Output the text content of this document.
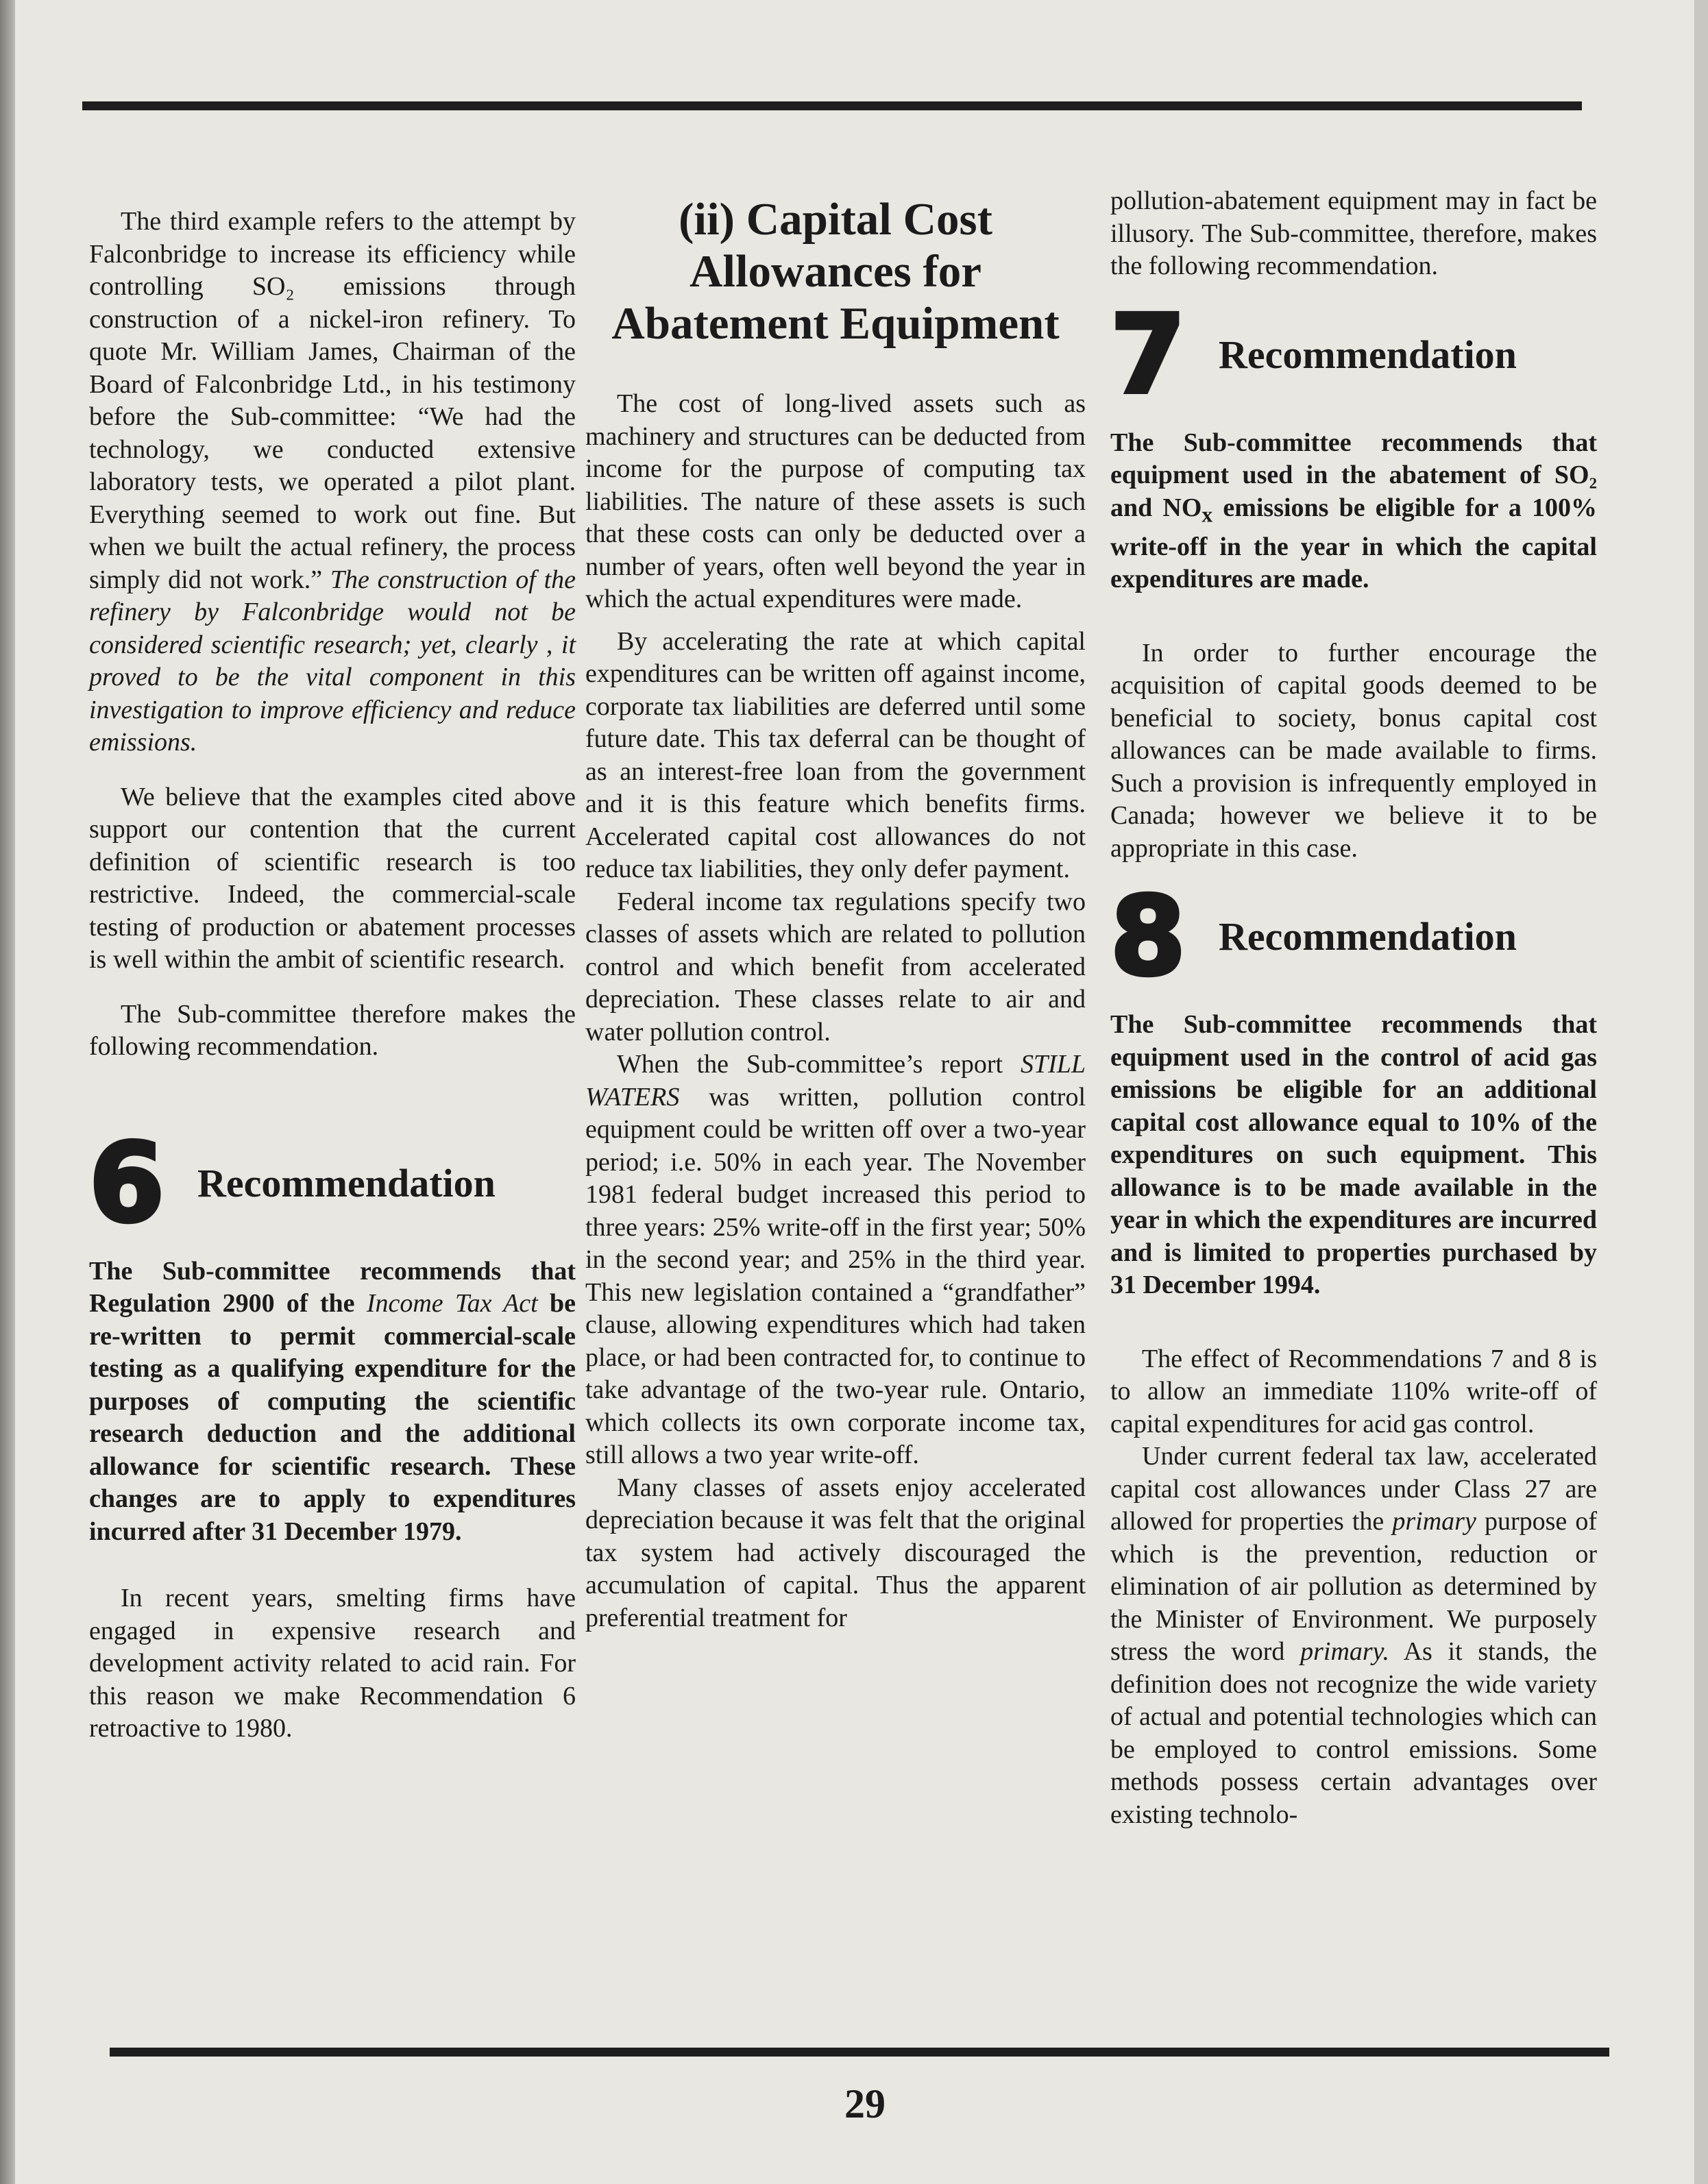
The third example refers to the attempt by Falconbridge to increase its efficiency while controlling SO₂ emissions through construction of a nickel-iron refinery. To quote Mr. William James, Chairman of the Board of Falconbridge Ltd., in his testimony before the Sub-committee: “We had the technology, we conducted extensive laboratory tests, we operated a pilot plant. Everything seemed to work out fine. But when we built the actual refinery, the process simply did not work.” The construction of the refinery by Falconbridge would not be considered scientific research; yet, clearly , it proved to be the vital component in this investigation to improve efficiency and reduce emissions.

We believe that the examples cited above support our contention that the current definition of scientific research is too restrictive. Indeed, the commercial-scale testing of production or abatement processes is well within the ambit of scientific research.

The Sub-committee therefore makes the following recommendation.

6 Recommendation

The Sub-committee recommends that Regulation 2900 of the Income Tax Act be re-written to permit commercial-scale testing as a qualifying expenditure for the purposes of computing the scientific research deduction and the additional allowance for scientific research. These changes are to apply to expenditures incurred after 31 December 1979.

In recent years, smelting firms have engaged in expensive research and development activity related to acid rain. For this reason we make Recommendation 6 retroactive to 1980.

(ii) Capital Cost
Allowances for
Abatement Equipment

The cost of long-lived assets such as machinery and structures can be deducted from income for the purpose of computing tax liabilities. The nature of these assets is such that these costs can only be deducted over a number of years, often well beyond the year in which the actual expenditures were made.

By accelerating the rate at which capital expenditures can be written off against income, corporate tax liabilities are deferred until some future date. This tax deferral can be thought of as an interest-free loan from the government and it is this feature which benefits firms. Accelerated capital cost allowances do not reduce tax liabilities, they only defer payment.

Federal income tax regulations specify two classes of assets which are related to pollution control and which benefit from accelerated depreciation. These classes relate to air and water pollution control.

When the Sub-committee’s report STILL WATERS was written, pollution control equipment could be written off over a two-year period; i.e. 50% in each year. The November 1981 federal budget increased this period to three years: 25% write-off in the first year; 50% in the second year; and 25% in the third year. This new legislation contained a “grandfather” clause, allowing expenditures which had taken place, or had been contracted for, to continue to take advantage of the two-year rule. Ontario, which collects its own corporate income tax, still allows a two year write-off.

Many classes of assets enjoy accelerated depreciation because it was felt that the original tax system had actively discouraged the accumulation of capital. Thus the apparent preferential treatment for

pollution-abatement equipment may in fact be illusory. The Sub-committee, therefore, makes the following recommendation.

7 Recommendation

The Sub-committee recommends that equipment used in the abatement of SO₂ and $NO_x$ emissions be eligible for a 100% write-off in the year in which the capital expenditures are made.

In order to further encourage the acquisition of capital goods deemed to be beneficial to society, bonus capital cost allowances can be made available to firms. Such a provision is infrequently employed in Canada; however we believe it to be appropriate in this case.

8 Recommendation

The Sub-committee recommends that equipment used in the control of acid gas emissions be eligible for an additional capital cost allowance equal to 10% of the expenditures on such equipment. This allowance is to be made available in the year in which the expenditures are incurred and is limited to properties purchased by 31 December 1994.

The effect of Recommendations 7 and 8 is to allow an immediate 110% write-off of capital expenditures for acid gas control.

Under current federal tax law, accelerated capital cost allowances under Class 27 are allowed for properties the primary purpose of which is the prevention, reduction or elimination of air pollution as determined by the Minister of Environment. We purposely stress the word primary. As it stands, the definition does not recognize the wide variety of actual and potential technologies which can be employed to control emissions. Some methods possess certain advantages over existing technolo-

29
